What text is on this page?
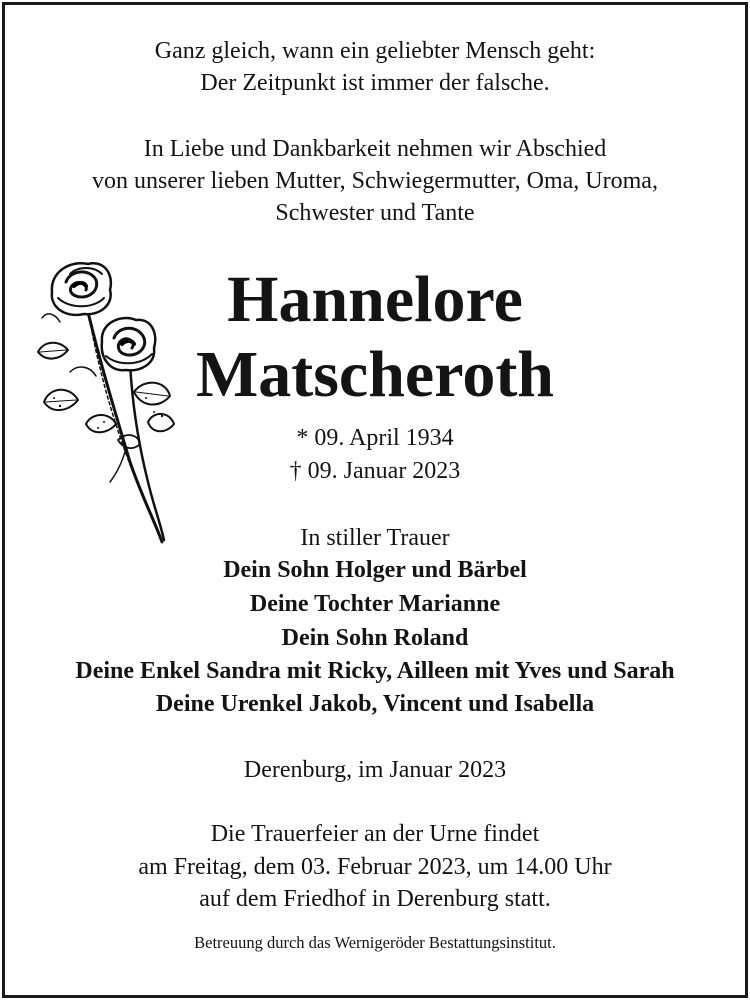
Ganz gleich, wann ein geliebter Mensch geht:
Der Zeitpunkt ist immer der falsche.
In Liebe und Dankbarkeit nehmen wir Abschied
von unserer lieben Mutter, Schwiegermutter, Oma, Uroma,
Schwester und Tante
Hannelore
Matscheroth
* 09. April 1934
† 09. Januar 2023
In stiller Trauer
Dein Sohn Holger und Bärbel
Deine Tochter Marianne
Dein Sohn Roland
Deine Enkel Sandra mit Ricky, Ailleen mit Yves und Sarah
Deine Urenkel Jakob, Vincent und Isabella
Derenburg, im Januar 2023
Die Trauerfeier an der Urne findet
am Freitag, dem 03. Februar 2023, um 14.00 Uhr
auf dem Friedhof in Derenburg statt.
Betreuung durch das Wernigeröder Bestattungsinstitut.
